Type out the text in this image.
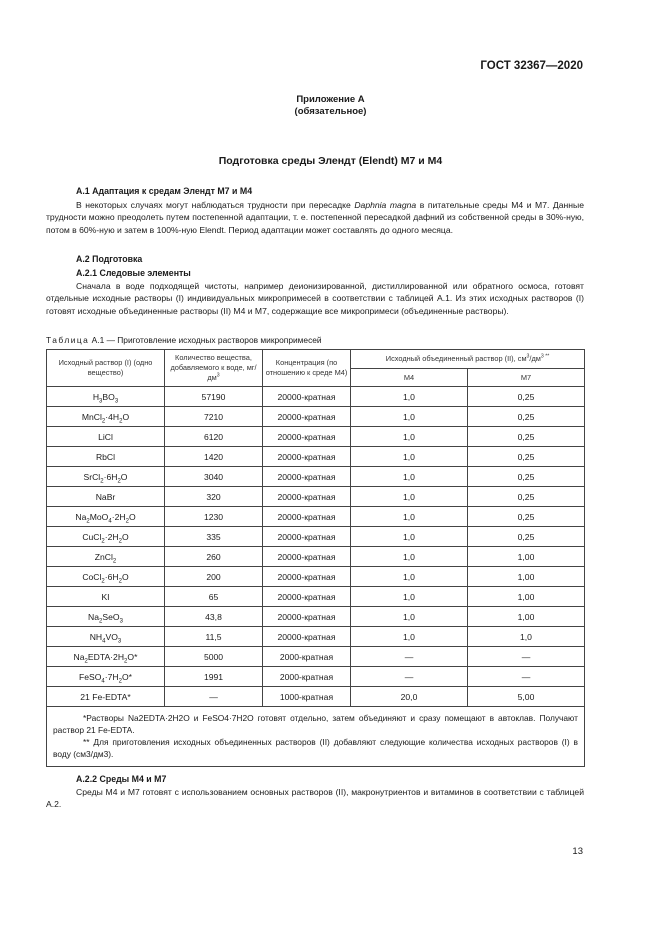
ГОСТ 32367—2020
Приложение А
(обязательное)
Подготовка среды Элендт (Elendt) М7 и М4
А.1 Адаптация к средам Элендт М7 и М4
В некоторых случаях могут наблюдаться трудности при пересадке Daphnia magna в питательные среды М4 и М7. Данные трудности можно преодолеть путем постепенной адаптации, т. е. постепенной пересадкой дафний из собственной среды в 30%-ную, потом в 60%-ную и затем в 100%-ную Elendt. Период адаптации может составлять до одного месяца.
А.2 Подготовка
А.2.1 Следовые элементы
Сначала в воде подходящей чистоты, например деионизированной, дистиллированной или обратного осмоса, готовят отдельные исходные растворы (I) индивидуальных микропримесей в соответствии с таблицей А.1. Из этих исходных растворов (I) готовят исходные объединенные растворы (II) М4 и М7, содержащие все микропримеси (объединенные растворы).
Таблица А.1 — Приготовление исходных растворов микропримесей
Исходный раствор (I) (одно вещество)	Количество вещества, добавляемого к воде, $мг/дм^3$	Концентрация (по отношению к среде М4)	Исходный объединенный раствор (II), $см^3/дм^{3 **}$
			М4	М7
$H_3BO_3$	57190	20000-кратная	1,0	0,25
$MnCl_2\cdot 4H_2O$	7210	20000-кратная	1,0	0,25
LiCl	6120	20000-кратная	1,0	0,25
RbCl	1420	20000-кратная	1,0	0,25
$SrCl_2\cdot 6H_2O$	3040	20000-кратная	1,0	0,25
NaBr	320	20000-кратная	1,0	0,25
$Na_2MoO_4\cdot 2H_2O$	1230	20000-кратная	1,0	0,25
$CuCl_2\cdot 2H_2O$	335	20000-кратная	1,0	0,25
ZnCl$_2$	260	20000-кратная	1,0	1,00
$CoCl_2\cdot 6H_2O$	200	20000-кратная	1,0	1,00
KI	65	20000-кратная	1,0	1,00
$Na_2SeO_3$	43,8	20000-кратная	1,0	1,00
$NH_4VO_3$	11,5	20000-кратная	1,0	1,0
$Na_2EDTA\cdot 2H_2O*$	5000	2000-кратная	—	—
$FeSO_4\cdot 7H_2O*$	1991	2000-кратная	—	—
21 Fe-EDTA*	—	1000-кратная	20,0	5,00

*Растворы Na2EDTA·2H2O и FeSO4·7H2O готовят отдельно, затем объединяют и сразу помещают в автоклав. Получают раствор 21 Fe-EDTA.

** Для приготовления исходных объединенных растворов (II) добавляют следующие количества исходных растворов (I) в воду (см3/дм3).				

А.2.2 Среды М4 и М7
Среды М4 и М7 готовят с использованием основных растворов (II), макронутриентов и витаминов в соответствии с таблицей А.2.
13
